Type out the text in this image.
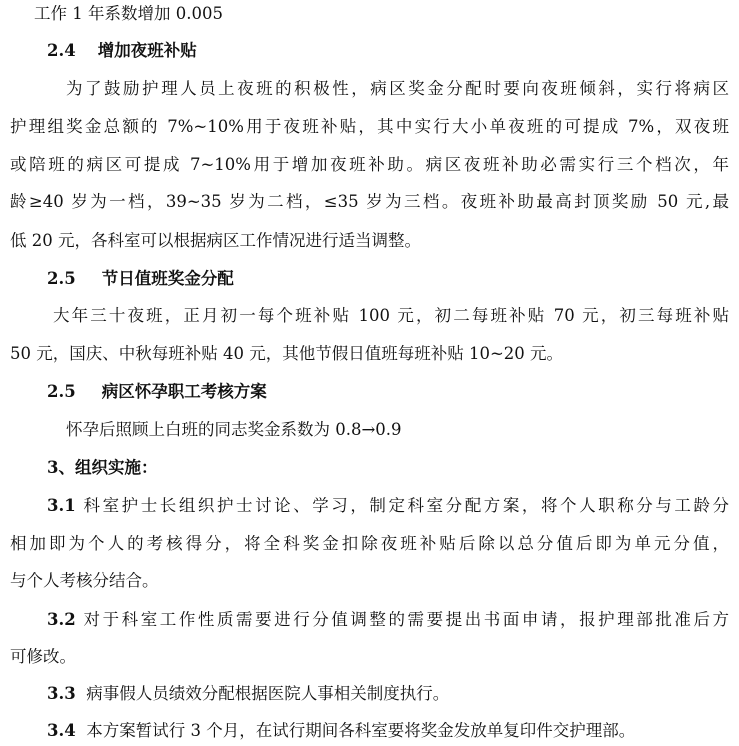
工作 1 年系数增加 0.005
2.4 增加夜班补贴
为了鼓励护理人员上夜班的积极性，病区奖金分配时要向夜班倾斜，实行将病区
护理组奖金总额的 7%~10%用于夜班补贴，其中实行大小单夜班的可提成 7%，双夜班
或陪班的病区可提成 7~10%用于增加夜班补助。病区夜班补助必需实行三个档次，年
龄≥40 岁为一档，39~35 岁为二档，≤35 岁为三档。夜班补助最高封顶奖励 50 元,最
低 20 元，各科室可以根据病区工作情况进行适当调整。
2.5 节日值班奖金分配
大年三十夜班，正月初一每个班补贴 100 元，初二每班补贴 70 元，初三每班补贴
50 元，国庆、中秋每班补贴 40 元，其他节假日值班每班补贴 10~20 元。
2.5 病区怀孕职工考核方案
怀孕后照顾上白班的同志奖金系数为 0.8→0.9
3、组织实施：
3.1 科室护士长组织护士讨论、学习，制定科室分配方案，将个人职称分与工龄分
相加即为个人的考核得分，将全科奖金扣除夜班补贴后除以总分值后即为单元分值，
与个人考核分结合。
3.2 对于科室工作性质需要进行分值调整的需要提出书面申请，报护理部批准后方
可修改。
3.3 病事假人员绩效分配根据医院人事相关制度执行。
3.4 本方案暂试行 3 个月，在试行期间各科室要将奖金发放单复印件交护理部。
